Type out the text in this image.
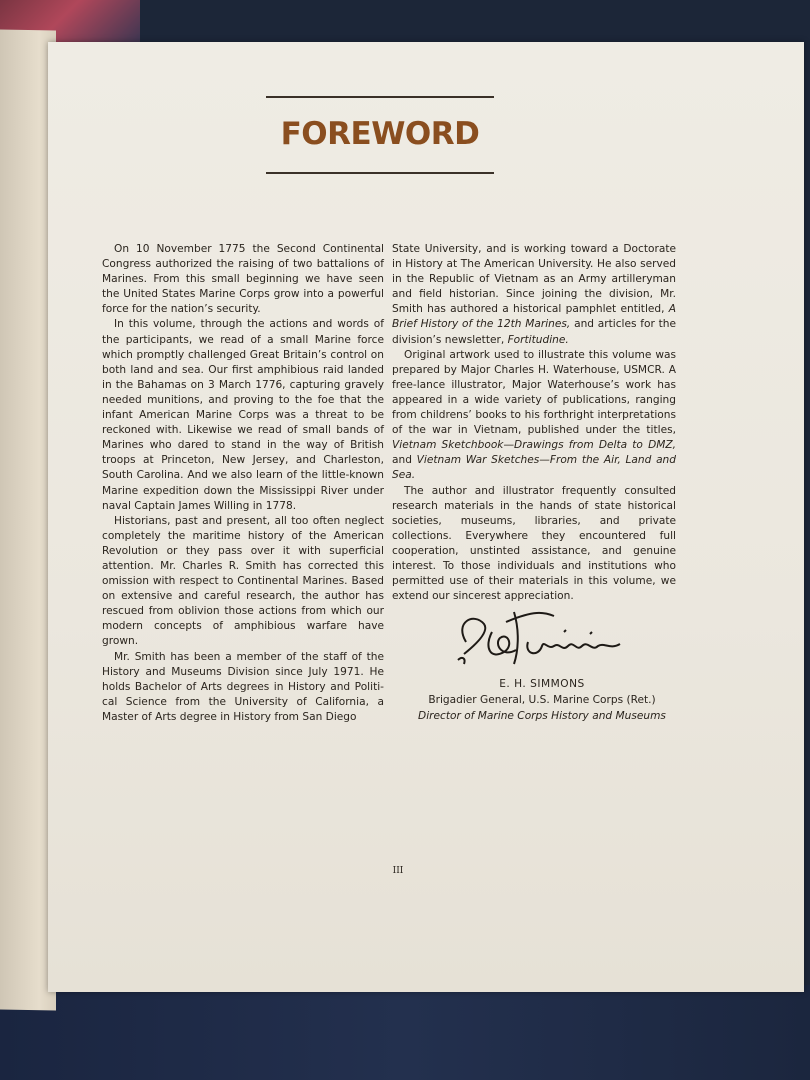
FOREWORD

On 10 November 1775 the Second Continental Congress authorized the raising of two battalions of Marines. From this small beginning we have seen the United States Marine Corps grow into a powerful force for the nation’s security.

In this volume, through the actions and words of the participants, we read of a small Marine force which promptly challenged Great Britain’s control on both land and sea. Our first amphibious raid landed in the Bahamas on 3 March 1776, capturing gravely needed munitions, and proving to the foe that the infant American Marine Corps was a threat to be reckoned with. Likewise we read of small bands of Marines who dared to stand in the way of British troops at Princeton, New Jersey, and Charleston, South Carolina. And we also learn of the little-known Marine expedition down the Mississippi River under naval Captain James Willing in 1778.

Historians, past and present, all too often neglect completely the maritime history of the American Revolution or they pass over it with superficial attention. Mr. Charles R. Smith has corrected this omission with respect to Continental Marines. Based on extensive and careful research, the author has rescued from oblivion those actions from which our modern concepts of amphibious warfare have grown.

Mr. Smith has been a member of the staff of the History and Museums Division since July 1971. He holds Bachelor of Arts degrees in History and Political Science from the University of California, a Master of Arts degree in History from San Diego

State University, and is working toward a Doctorate in History at The American University. He also served in the Republic of Vietnam as an Army artilleryman and field historian. Since joining the division, Mr. Smith has authored a historical pamphlet entitled, A Brief History of the 12th Marines, and articles for the division’s newsletter, Fortitudine.

Original artwork used to illustrate this volume was prepared by Major Charles H. Waterhouse, USMCR. A free-lance illustrator, Major Waterhouse’s work has appeared in a wide variety of publications, ranging from childrens’ books to his forthright interpretations of the war in Vietnam, published under the titles, Vietnam Sketchbook—Drawings from Delta to DMZ, and Vietnam War Sketches—From the Air, Land and Sea.

The author and illustrator frequently consulted research materials in the hands of state historical societies, museums, libraries, and private collections. Everywhere they encountered full cooperation, unstinted assistance, and genuine interest. To those individuals and institutions who permitted use of their materials in this volume, we extend our sincerest appreciation.

E. H. SIMMONS
Brigadier General, U.S. Marine Corps (Ret.)
Director of Marine Corps History and Museums
III
